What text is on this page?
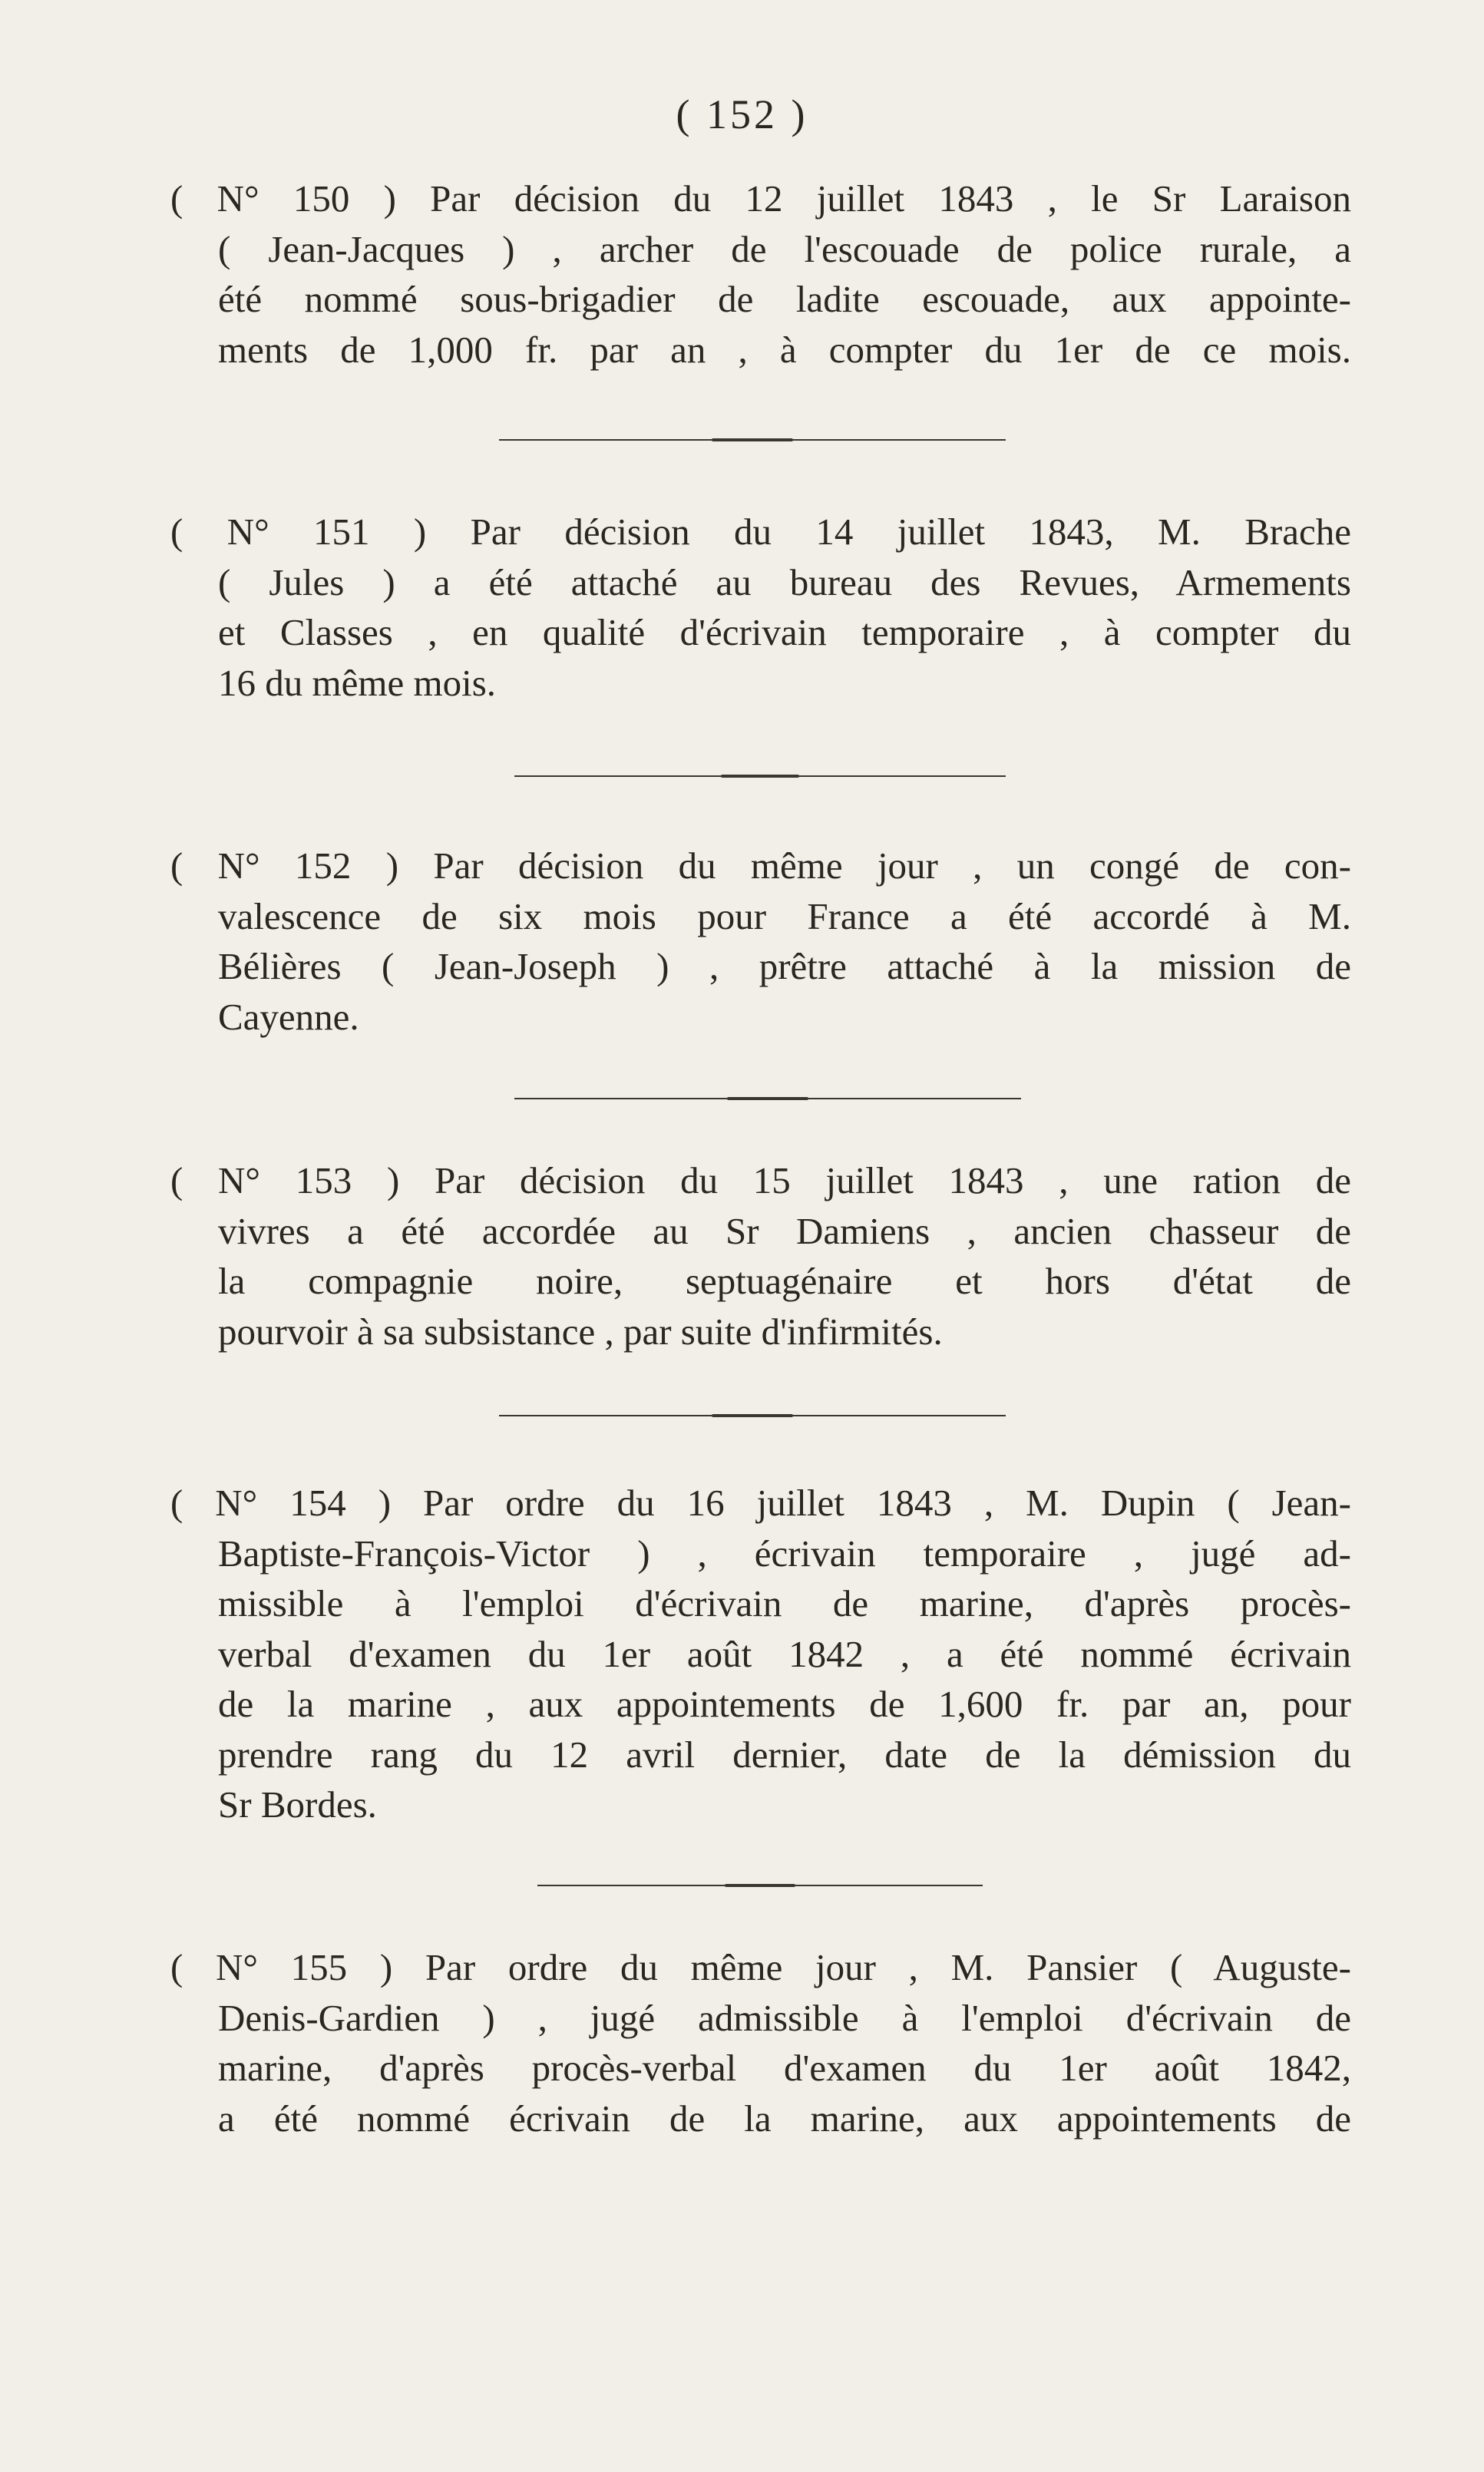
( 152 )
( N° 150 ) Par décision du 12 juillet 1843 , le Sr Laraison
( Jean-Jacques ) , archer de l'escouade de police rurale, a
été nommé sous-brigadier de ladite escouade, aux appointe-
ments de 1,000 fr. par an , à compter du 1er de ce mois.
( N° 151 ) Par décision du 14 juillet 1843, M. Brache
( Jules ) a été attaché au bureau des Revues, Armements
et Classes , en qualité d'écrivain temporaire , à compter du
16 du même mois.
( N° 152 ) Par décision du même jour , un congé de con-
valescence de six mois pour France a été accordé à M.
Bélières ( Jean-Joseph ) , prêtre attaché à la mission de
Cayenne.
( N° 153 ) Par décision du 15 juillet 1843 , une ration de
vivres a été accordée au Sr Damiens , ancien chasseur de
la compagnie noire, septuagénaire et hors d'état de
pourvoir à sa subsistance , par suite d'infirmités.
( N° 154 ) Par ordre du 16 juillet 1843 , M. Dupin ( Jean-
Baptiste-François-Victor ) , écrivain temporaire , jugé ad-
missible à l'emploi d'écrivain de marine, d'après procès-
verbal d'examen du 1er août 1842 , a été nommé écrivain
de la marine , aux appointements de 1,600 fr. par an, pour
prendre rang du 12 avril dernier, date de la démission du
Sr Bordes.
( N° 155 ) Par ordre du même jour , M. Pansier ( Auguste-
Denis-Gardien ) , jugé admissible à l'emploi d'écrivain de
marine, d'après procès-verbal d'examen du 1er août 1842,
a été nommé écrivain de la marine, aux appointements de
